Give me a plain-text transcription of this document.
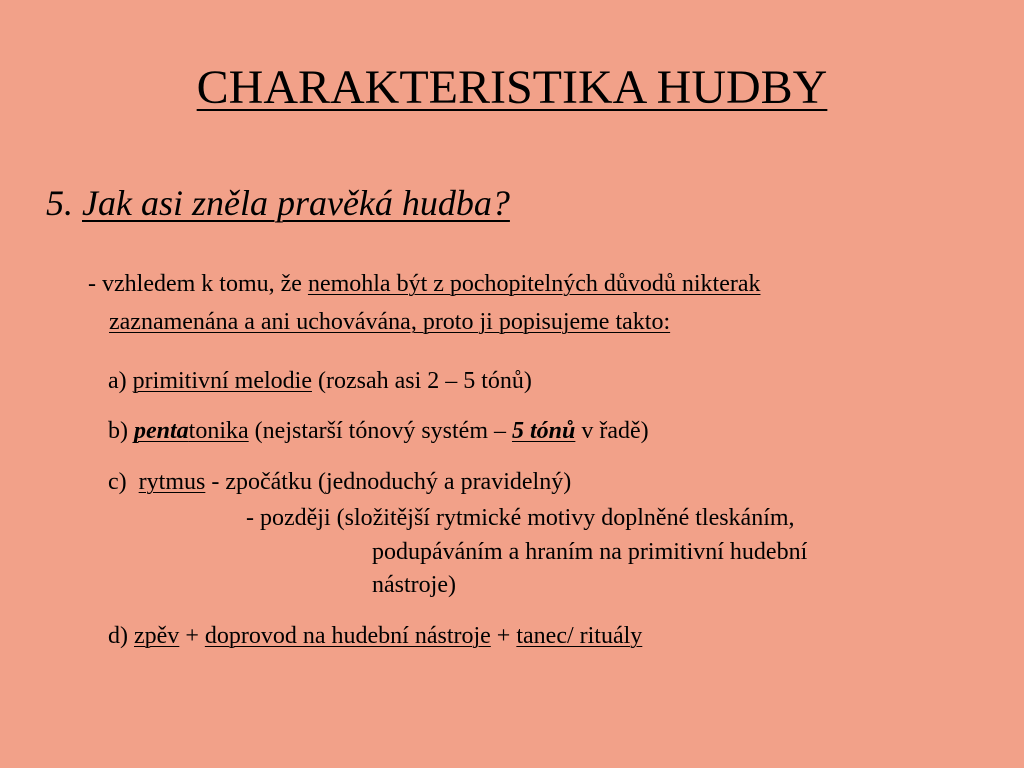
CHARAKTERISTIKA HUDBY
5. Jak asi zněla pravěká hudba?
- vzhledem k tomu, že nemohla být z pochopitelných důvodů nikterak
zaznamenána a ani uchovávána, proto ji popisujeme takto:
a) primitivní melodie (rozsah asi 2 – 5 tónů)
b) pentatonika (nejstarší tónový systém – 5 tónů v řadě)
c)  rytmus - zpočátku (jednoduchý a pravidelný)
- později (složitější rytmické motivy doplněné tleskáním,
podupáváním a hraním na primitivní hudební
nástroje)
d) zpěv + doprovod na hudební nástroje + tanec/ rituály
